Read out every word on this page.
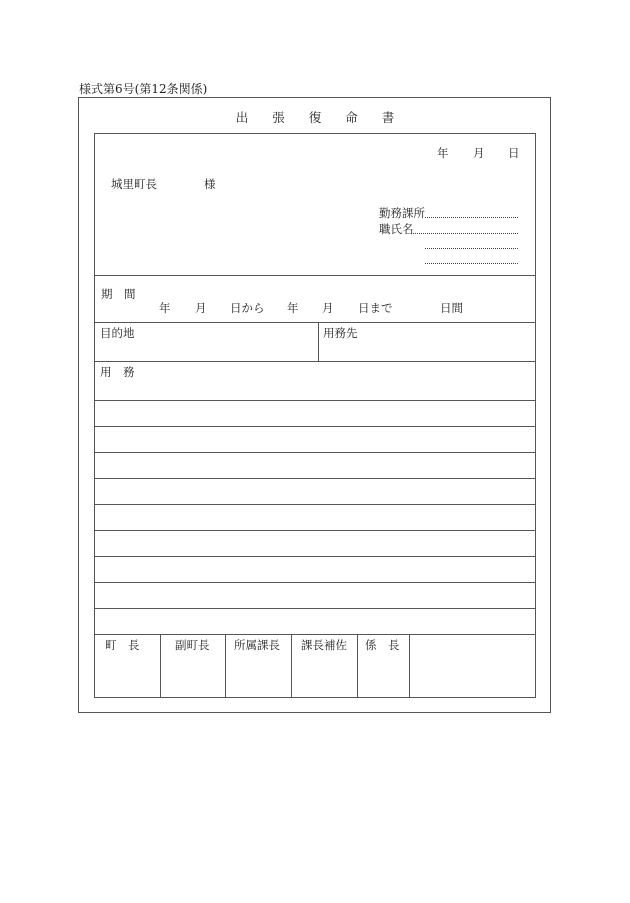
様式第6号(第12条関係)
出 張 復 命 書
年 月 日
城里町長	様
勤務課所
職氏名
期　間
年 月 日から 年 月 日まで	日間
目的地	用務先
用　務
町　長	副町長 所属課長 課長補佐 係　長
